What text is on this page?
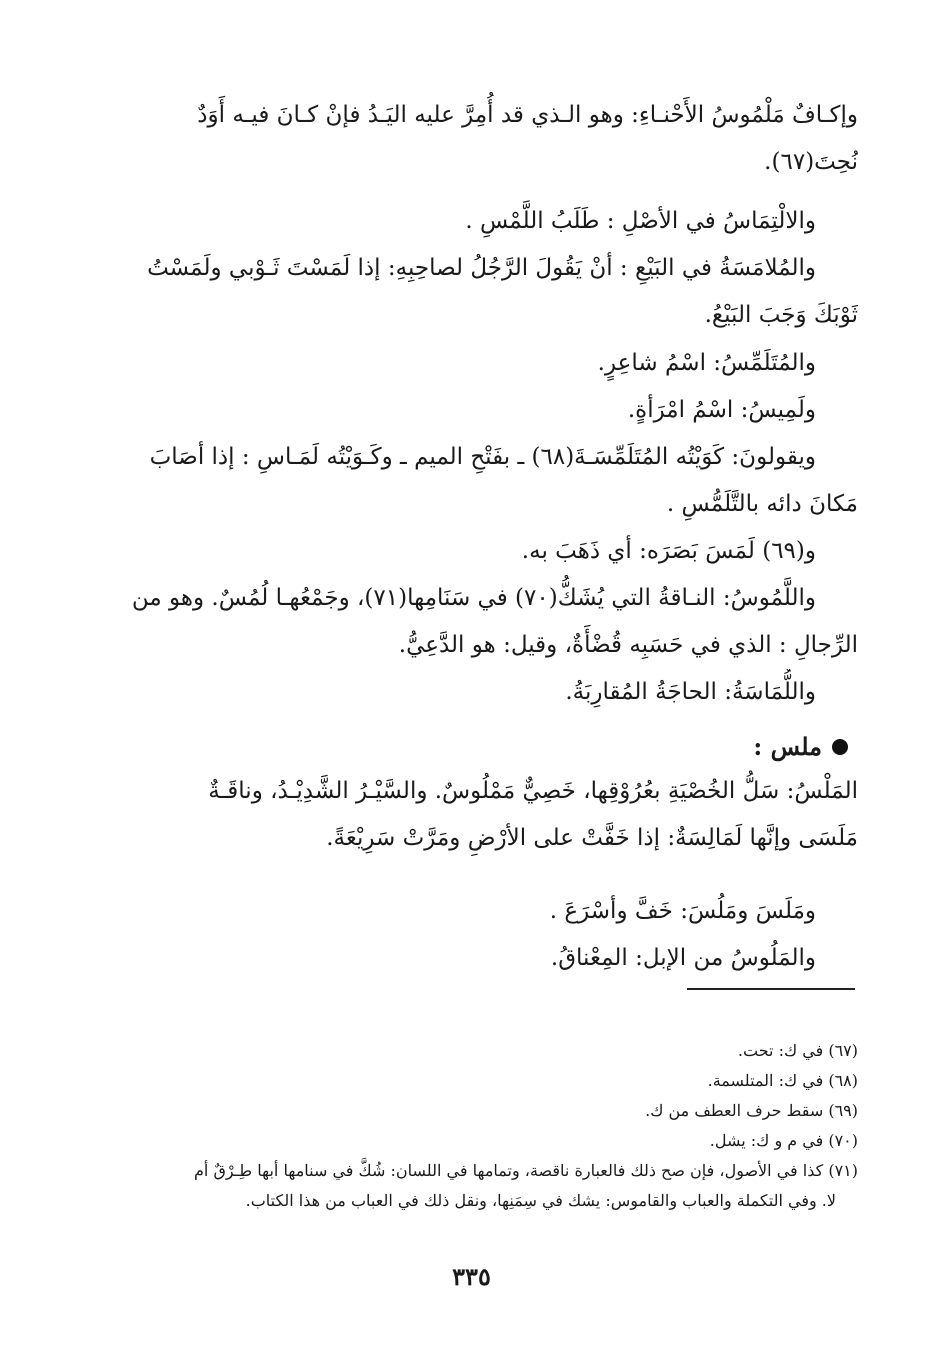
وإكـافٌ مَلْمُوسُ الأَحْنـاءِ: وهو الـذي قد أُمِرَّ عليه اليَـدُ فإنْ كـانَ فيـه أَوَدٌ
نُحِتَ(٦٧).
والالْتِمَاسُ في الأصْلِ : طَلَبُ اللَّمْسِ .
والمُلامَسَةُ في البَيْعِ : أنْ يَقُولَ الرَّجُلُ لصاحِبِهِ: إذا لَمَسْتَ ثَـوْبي ولَمَسْتُ
ثَوْبَكَ وَجَبَ البَيْعُ.
والمُتَلَمِّسُ: اسْمُ شاعِرٍ.
ولَمِيسُ: اسْمُ امْرَأةٍ.
ويقولونَ: كَوَيْتُه المُتَلَمِّسَـةَ(٦٨) ـ بفَتْحِ الميم ـ وكَـوَيْتُه لَمَـاسِ : إذا أصَابَ
مَكانَ دائه بالتَّلَمُّسِ .
و(٦٩) لَمَسَ بَصَرَه: أي ذَهَبَ به.
واللَّمُوسُ: النـاقةُ التي يُشَكُّ(٧٠) في سَنَامِها(٧١)، وجَمْعُهـا لُمُسٌ. وهو من
الرِّجالِ : الذي في حَسَبِه قُضْأَةٌ، وقيل: هو الدَّعِيُّ.
واللُّمَاسَةُ: الحاجَةُ المُقارِبَةُ.
ملس :
المَلْسُ: سَلُّ الخُصْيَةِ بعُرُوْقِها، خَصِيٌّ مَمْلُوسٌ. والسَّيْـرُ الشَّدِيْـدُ، وناقَـةٌ
مَلَسَى وإنَّها لَمَالِسَةٌ: إذا خَفَّتْ على الأرْضِ ومَرَّتْ سَرِيْعَةً.
ومَلَسَ ومَلُسَ: خَفَّ وأسْرَعَ .
والمَلُوسُ من الإبل: المِعْناقُ.
(٦٧) في ك: تحت.
(٦٨) في ك: المتلسمة.
(٦٩) سقط حرف العطف من ك.
(٧٠) في م و ك: يشل.
(٧١) كذا في الأصول، فإن صح ذلك فالعبارة ناقصة، وتمامها في اللسان: شُكَّ في سنامها أبها طِـرْقٌ أم
لا. وفي التكملة والعباب والقاموس: يشك في سِمَنِها، ونقل ذلك في العباب من هذا الكتاب.
٣٣٥
